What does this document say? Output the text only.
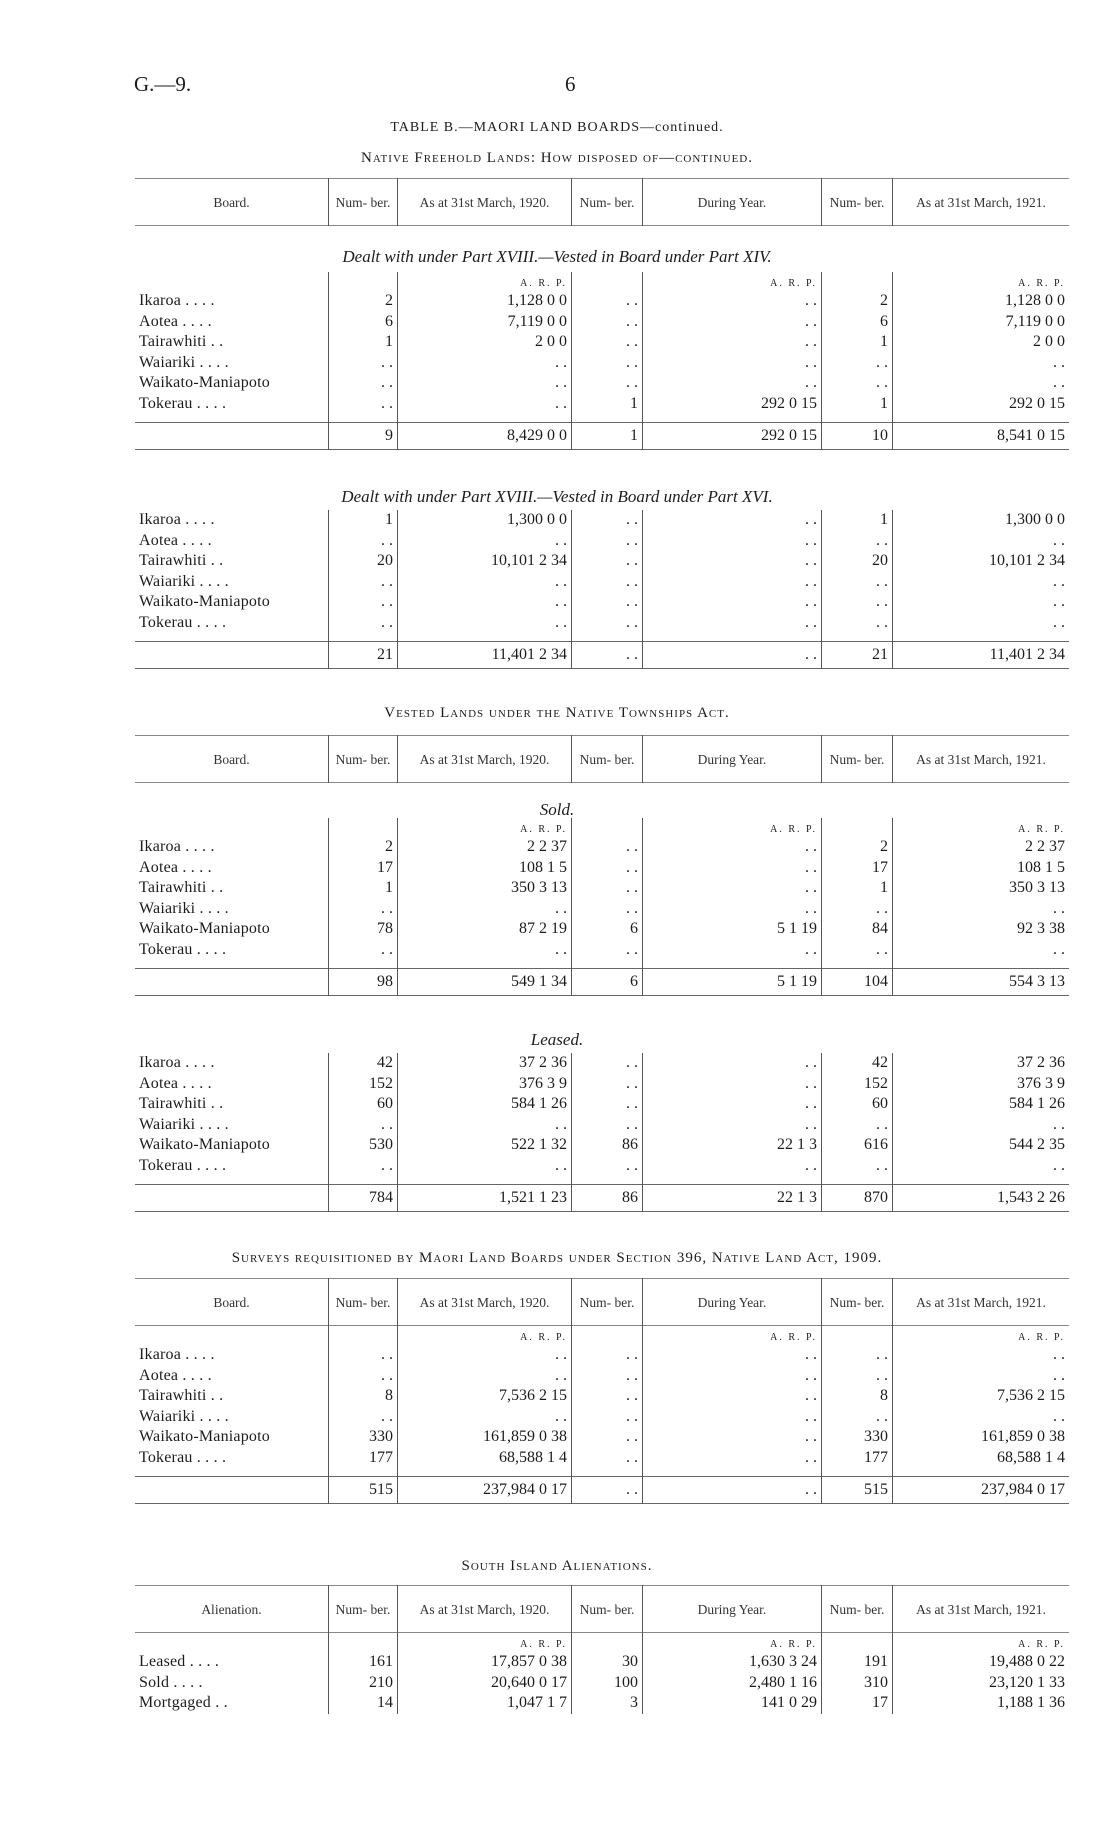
G.—9.	6
TABLE B.—MAORI LAND BOARDS—continued.
Native Freehold Lands: How disposed of—continued.
Board.	Num- ber.	As at 31st March, 1920.	Num- ber.	During Year.	Num- ber.	As at 31st March, 1921.
Dealt with under Part XVIII.—Vested in Board under Part XIV.
		A. R. P.		A. R. P.		A. R. P.
Ikaroa . . . .	2	1,128 0 0	. .	. .	2	1,128 0 0
Aotea . . . .	6	7,119 0 0	. .	. .	6	7,119 0 0
Tairawhiti . .	1	2 0 0	. .	. .	1	2 0 0
Waiariki . . . .	. .	. .	. .	. .	. .	. .
Waikato-Maniapoto	. .	. .	. .	. .	. .	. .
Tokerau . . . .	. .	. .	1	292 0 15	1	292 0 15

	9	8,429 0 0	1	292 0 15	10	8,541 0 15
Dealt with under Part XVIII.—Vested in Board under Part XVI.
Ikaroa . . . .	1	1,300 0 0	. .	. .	1	1,300 0 0
Aotea . . . .	. .	. .	. .	. .	. .	. .
Tairawhiti . .	20	10,101 2 34	. .	. .	20	10,101 2 34
Waiariki . . . .	. .	. .	. .	. .	. .	. .
Waikato-Maniapoto	. .	. .	. .	. .	. .	. .
Tokerau . . . .	. .	. .	. .	. .	. .	. .

	21	11,401 2 34	. .	. .	21	11,401 2 34
Vested Lands under the Native Townships Act.
Board.	Num- ber.	As at 31st March, 1920.	Num- ber.	During Year.	Num- ber.	As at 31st March, 1921.
Sold.
		A. R. P.		A. R. P.		A. R. P.
Ikaroa . . . .	2	2 2 37	. .	. .	2	2 2 37
Aotea . . . .	17	108 1 5	. .	. .	17	108 1 5
Tairawhiti . .	1	350 3 13	. .	. .	1	350 3 13
Waiariki . . . .	. .	. .	. .	. .	. .	. .
Waikato-Maniapoto	78	87 2 19	6	5 1 19	84	92 3 38
Tokerau . . . .	. .	. .	. .	. .	. .	. .

	98	549 1 34	6	5 1 19	104	554 3 13
Leased.
Ikaroa . . . .	42	37 2 36	. .	. .	42	37 2 36
Aotea . . . .	152	376 3 9	. .	. .	152	376 3 9
Tairawhiti . .	60	584 1 26	. .	. .	60	584 1 26
Waiariki . . . .	. .	. .	. .	. .	. .	. .
Waikato-Maniapoto	530	522 1 32	86	22 1 3	616	544 2 35
Tokerau . . . .	. .	. .	. .	. .	. .	. .

	784	1,521 1 23	86	22 1 3	870	1,543 2 26
Surveys requisitioned by Maori Land Boards under Section 396, Native Land Act, 1909.
Board.	Num- ber.	As at 31st March, 1920.	Num- ber.	During Year.	Num- ber.	As at 31st March, 1921.
		A. R. P.		A. R. P.		A. R. P.
Ikaroa . . . .	. .	. .	. .	. .	. .	. .
Aotea . . . .	. .	. .	. .	. .	. .	. .
Tairawhiti . .	8	7,536 2 15	. .	. .	8	7,536 2 15
Waiariki . . . .	. .	. .	. .	. .	. .	. .
Waikato-Maniapoto	330	161,859 0 38	. .	. .	330	161,859 0 38
Tokerau . . . .	177	68,588 1 4	. .	. .	177	68,588 1 4

	515	237,984 0 17	. .	. .	515	237,984 0 17
South Island Alienations.
Alienation.	Num- ber.	As at 31st March, 1920.	Num- ber.	During Year.	Num- ber.	As at 31st March, 1921.
		A. R. P.		A. R. P.		A. R. P.
Leased . . . .	161	17,857 0 38	30	1,630 3 24	191	19,488 0 22
Sold . . . .	210	20,640 0 17	100	2,480 1 16	310	23,120 1 33
Mortgaged . .	14	1,047 1 7	3	141 0 29	17	1,188 1 36
